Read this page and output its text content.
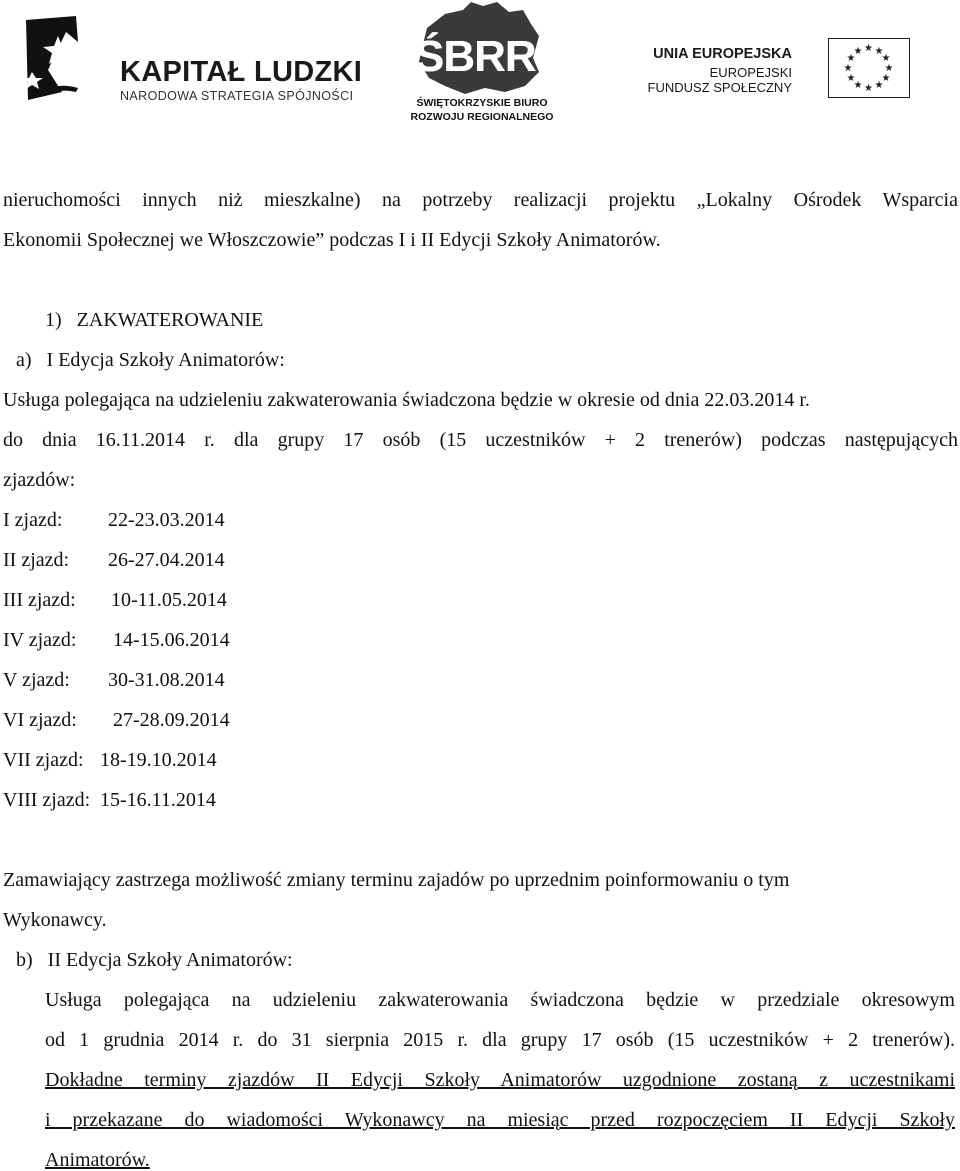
KAPITAŁ LUDZKI
NARODOWA STRATEGIA SPÓJNOŚCI
ŚBRR
ŚWIĘTOKRZYSKIE BIURO
ROZWOJU REGIONALNEGO
UNIA EUROPEJSKA
EUROPEJSKI
FUNDUSZ SPOŁECZNY
★ ★
★
★
★
★
★
★
★
★
★
★
nieruchomości innych niż mieszkalne) na potrzeby realizacji projektu „Lokalny Ośrodek Wsparcia
Ekonomii Społecznej we Włoszczowie” podczas I i II Edycji Szkoły Animatorów.
1)   ZAKWATEROWANIE
a)   I Edycja Szkoły Animatorów:
Usługa polegająca na udzieleniu zakwaterowania świadczona będzie w okresie od dnia 22.03.2014 r.
do dnia 16.11.2014 r. dla grupy 17 osób (15 uczestników + 2 trenerów) podczas następujących
zjazdów:
I zjazd: 22-23.03.2014
II zjazd: 26-27.04.2014
III zjazd: 10-11.05.2014
IV zjazd: 14-15.06.2014
V zjazd: 30-31.08.2014
VI zjazd: 27-28.09.2014
VII zjazd: 18-19.10.2014
VIII zjazd: 15-16.11.2014
Zamawiający zastrzega możliwość zmiany terminu zajadów po uprzednim poinformowaniu o tym
Wykonawcy.
b)   II Edycja Szkoły Animatorów:
Usługa polegająca na udzieleniu zakwaterowania świadczona będzie w przedziale okresowym
od 1 grudnia 2014 r. do 31 sierpnia 2015 r. dla grupy 17 osób (15 uczestników + 2 trenerów).
Dokładne terminy zjazdów II Edycji Szkoły Animatorów uzgodnione zostaną z uczestnikami
i przekazane do wiadomości Wykonawcy na miesiąc przed rozpoczęciem II Edycji Szkoły
Animatorów.
